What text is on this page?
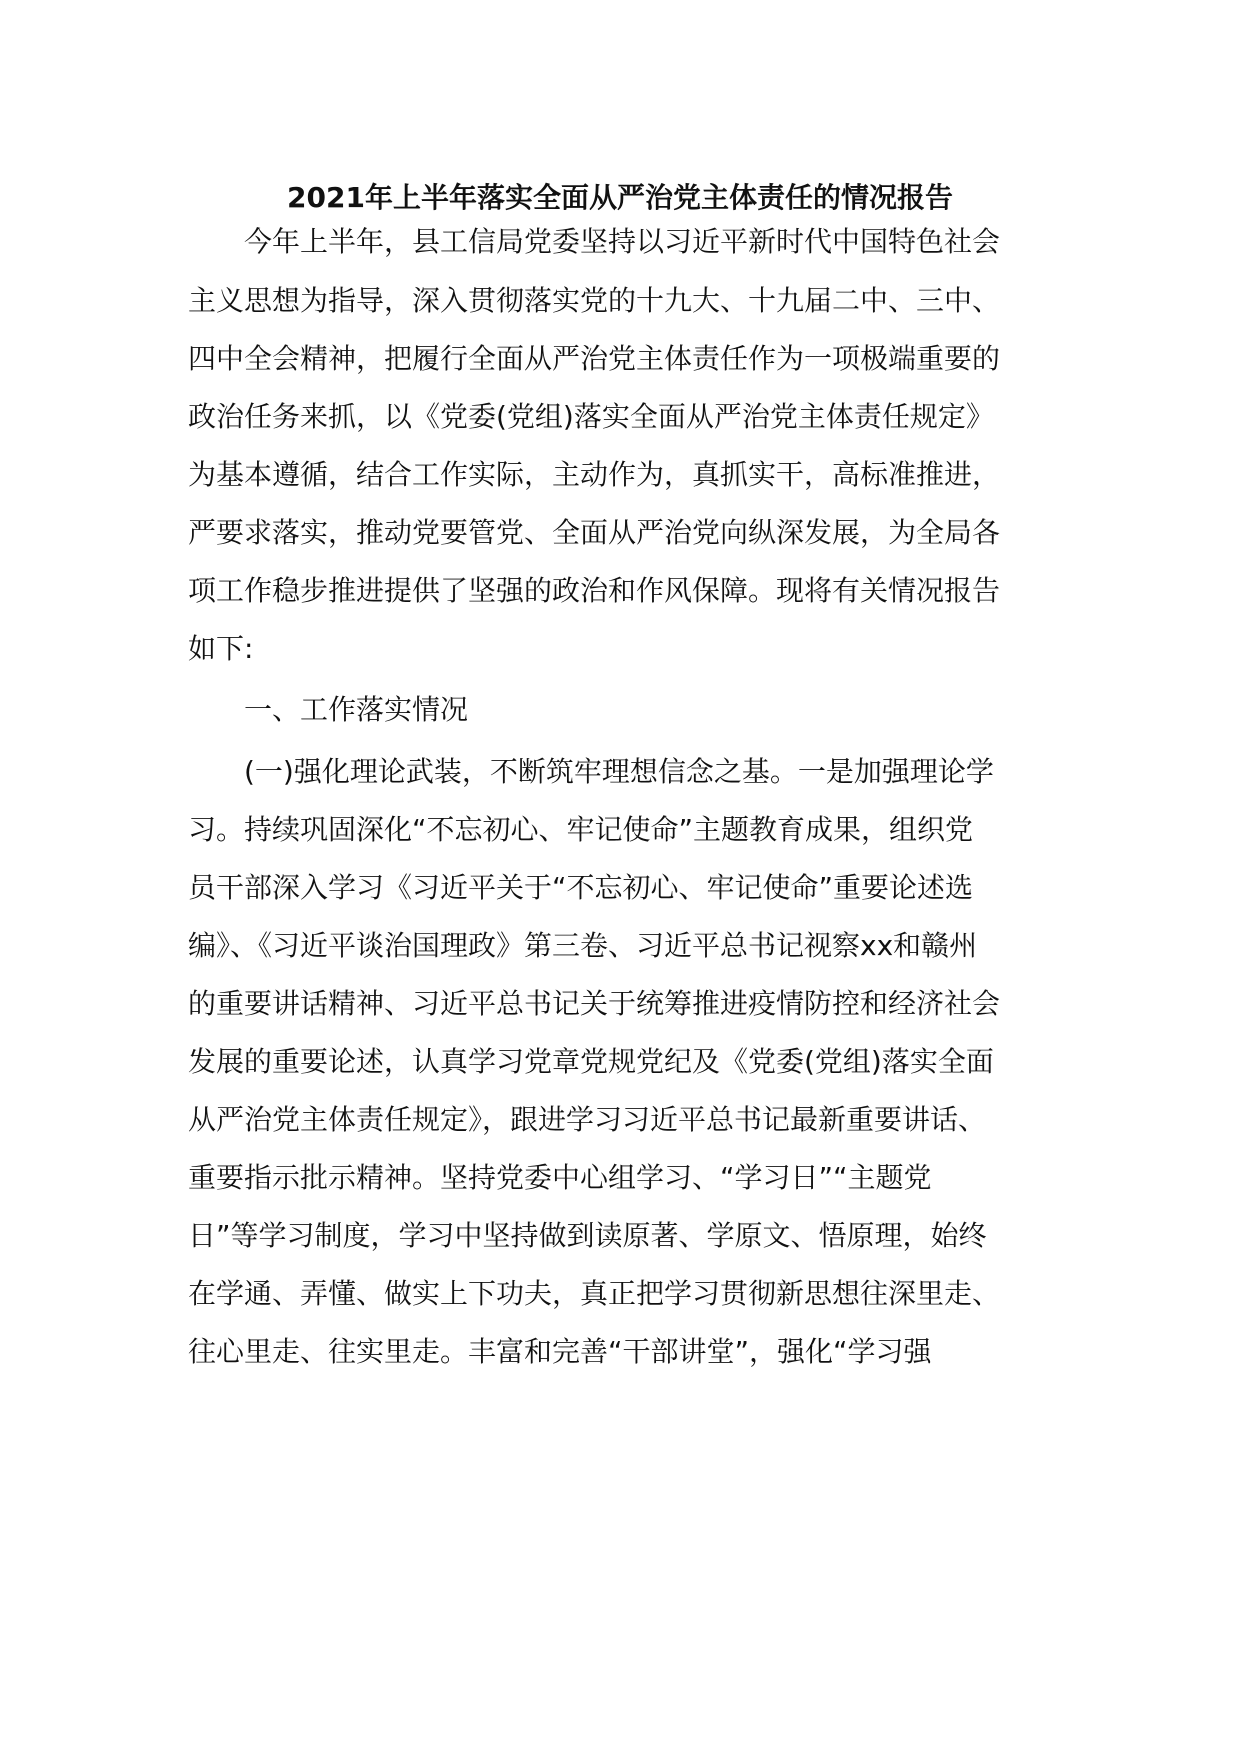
2021年上半年落实全面从严治党主体责任的情况报告
今年上半年，县工信局党委坚持以习近平新时代中国特色社会
主义思想为指导，深入贯彻落实党的十九大、十九届二中、三中、
四中全会精神，把履行全面从严治党主体责任作为一项极端重要的
政治任务来抓，以《党委(党组)落实全面从严治党主体责任规定》
为基本遵循，结合工作实际，主动作为，真抓实干，高标准推进，
严要求落实，推动党要管党、全面从严治党向纵深发展，为全局各
项工作稳步推进提供了坚强的政治和作风保障。现将有关情况报告
如下:
一、工作落实情况
(一)强化理论武装，不断筑牢理想信念之基。一是加强理论学
习。持续巩固深化“不忘初心、牢记使命”主题教育成果，组织党
员干部深入学习《习近平关于“不忘初心、牢记使命”重要论述选
编》、《习近平谈治国理政》第三卷、习近平总书记视察xx和赣州
的重要讲话精神、习近平总书记关于统筹推进疫情防控和经济社会
发展的重要论述，认真学习党章党规党纪及《党委(党组)落实全面
从严治党主体责任规定》，跟进学习习近平总书记最新重要讲话、
重要指示批示精神。坚持党委中心组学习、“学习日”“主题党
日”等学习制度，学习中坚持做到读原著、学原文、悟原理，始终
在学通、弄懂、做实上下功夫，真正把学习贯彻新思想往深里走、
往心里走、往实里走。丰富和完善“干部讲堂”，强化“学习强
